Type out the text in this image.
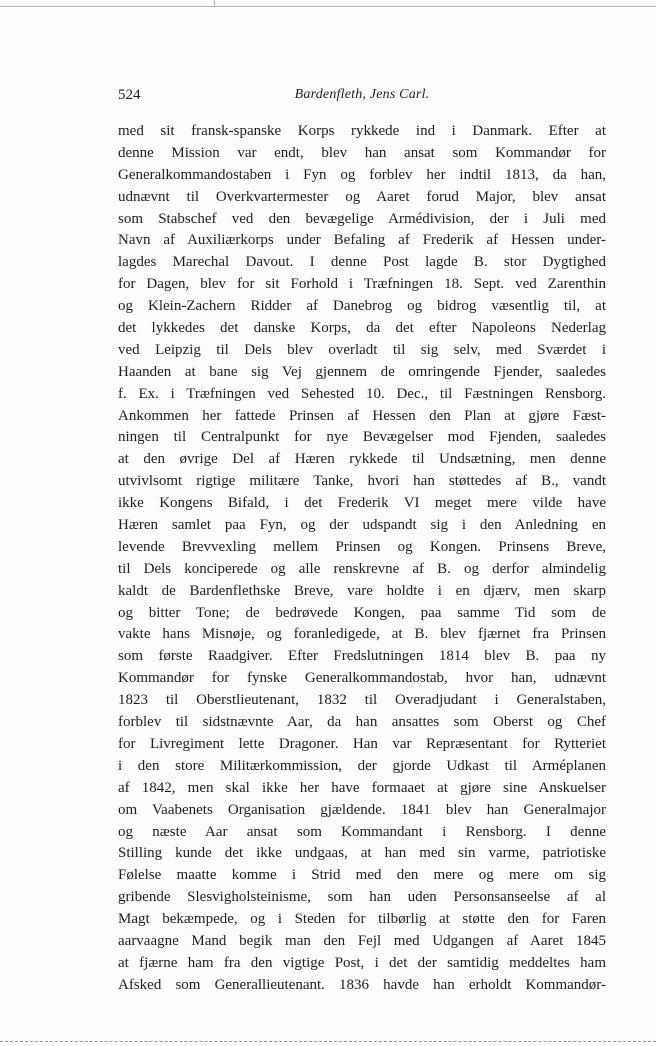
524	Bardenfleth, Jens Carl.
med sit fransk-spanske Korps rykkede ind i Danmark. Efter at
denne Mission var endt, blev han ansat som Kommandør for
Generalkommandostaben i Fyn og forblev her indtil 1813, da han,
udnævnt til Overkvartermester og Aaret forud Major, blev ansat
som Stabschef ved den bevægelige Armédivision, der i Juli med
Navn af Auxiliærkorps under Befaling af Frederik af Hessen under-
lagdes Marechal Davout. I denne Post lagde B. stor Dygtighed
for Dagen, blev for sit Forhold i Træfningen 18. Sept. ved Zarenthin
og Klein-Zachern Ridder af Danebrog og bidrog væsentlig til, at
det lykkedes det danske Korps, da det efter Napoleons Nederlag
ved Leipzig til Dels blev overladt til sig selv, med Sværdet i
Haanden at bane sig Vej gjennem de omringende Fjender, saaledes
f. Ex. i Træfningen ved Sehested 10. Dec., til Fæstningen Rensborg.
Ankommen her fattede Prinsen af Hessen den Plan at gjøre Fæst-
ningen til Centralpunkt for nye Bevægelser mod Fjenden, saaledes
at den øvrige Del af Hæren rykkede til Undsætning, men denne
utvivlsomt rigtige militære Tanke, hvori han støttedes af B., vandt
ikke Kongens Bifald, i det Frederik VI meget mere vilde have
Hæren samlet paa Fyn, og der udspandt sig i den Anledning en
levende Brevvexling mellem Prinsen og Kongen. Prinsens Breve,
til Dels konciperede og alle renskrevne af B. og derfor almindelig
kaldt de Bardenflethske Breve, vare holdte i en djærv, men skarp
og bitter Tone; de bedrøvede Kongen, paa samme Tid som de
vakte hans Misnøje, og foranledigede, at B. blev fjærnet fra Prinsen
som første Raadgiver. Efter Fredslutningen 1814 blev B. paa ny
Kommandør for fynske Generalkommandostab, hvor han, udnævnt
1823 til Oberstlieutenant, 1832 til Overadjudant i Generalstaben,
forblev til sidstnævnte Aar, da han ansattes som Oberst og Chef
for Livregiment lette Dragoner. Han var Repræsentant for Rytteriet
i den store Militærkommission, der gjorde Udkast til Arméplanen
af 1842, men skal ikke her have formaaet at gjøre sine Anskuelser
om Vaabenets Organisation gjældende. 1841 blev han Generalmajor
og næste Aar ansat som Kommandant i Rensborg. I denne
Stilling kunde det ikke undgaas, at han med sin varme, patriotiske
Følelse maatte komme i Strid med den mere og mere om sig
gribende Slesvigholsteinisme, som han uden Personsanseelse af al
Magt bekæmpede, og i Steden for tilbørlig at støtte den for Faren
aarvaagne Mand begik man den Fejl med Udgangen af Aaret 1845
at fjærne ham fra den vigtige Post, i det der samtidig meddeltes ham
Afsked som Generallieutenant. 1836 havde han erholdt Kommandør-
